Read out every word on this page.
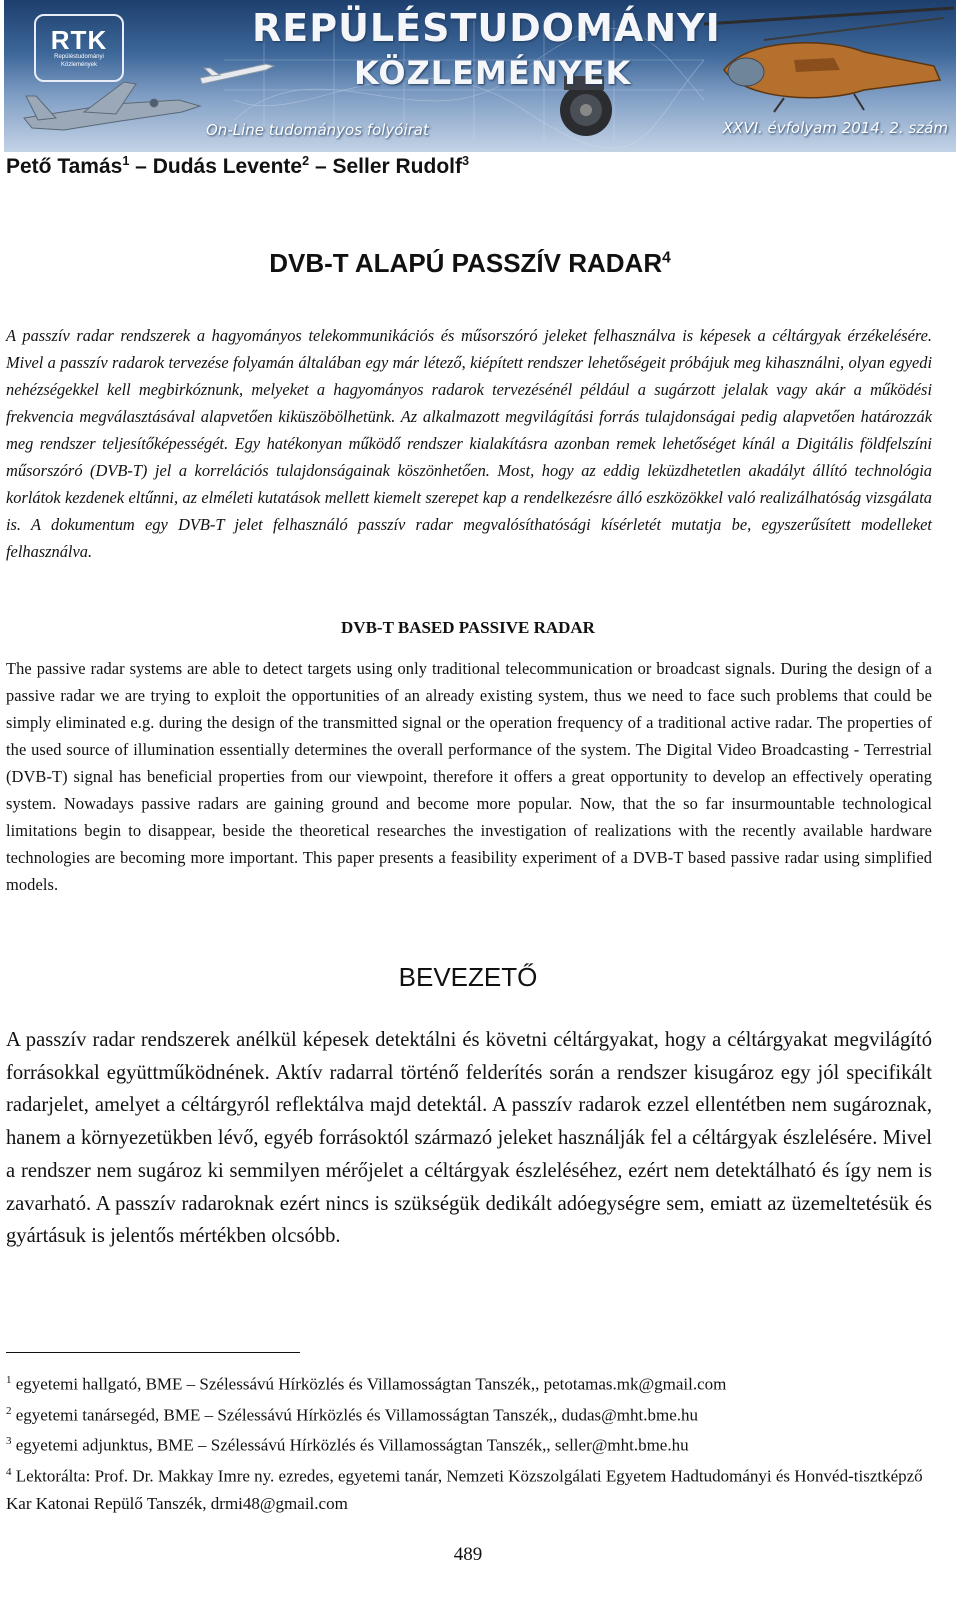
RTK
Repüléstudományi Közlemények
REPÜLÉSTUDOMÁNYI
KÖZLEMÉNYEK
On-Line tudományos folyóirat	XXVI. évfolyam 2014. 2. szám
Pető Tamás$^1$ – Dudás Levente$^2$ – Seller Rudolf$^3$
DVB-T ALAPÚ PASSZÍV RADAR$^4$

A passzív radar rendszerek a hagyományos telekommunikációs és műsorszóró jeleket felhasználva is képesek a céltárgyak érzékelésére. Mivel a passzív radarok tervezése folyamán általában egy már létező, kiépített rendszer lehetőségeit próbájuk meg kihasználni, olyan egyedi nehézségekkel kell megbirkóznunk, melyeket a hagyományos radarok tervezésénél például a sugárzott jelalak vagy akár a működési frekvencia megválasztásával alapvetően kiküszöbölhetünk. Az alkalmazott megvilágítási forrás tulajdonságai pedig alapvetően határozzák meg rendszer teljesítőképességét. Egy hatékonyan működő rendszer kialakításra azonban remek lehetőséget kínál a Digitális földfelszíni műsorszóró (DVB-T) jel a korrelációs tulajdonságainak köszönhetően. Most, hogy az eddig leküzdhetetlen akadályt állító technológia korlátok kezdenek eltűnni, az elméleti kutatások mellett kiemelt szerepet kap a rendelkezésre álló eszközökkel való realizálhatóság vizsgálata is. A dokumentum egy DVB-T jelet felhasználó passzív radar megvalósíthatósági kísérletét mutatja be, egyszerűsített modelleket felhasználva.

DVB-T BASED PASSIVE RADAR

The passive radar systems are able to detect targets using only traditional telecommunication or broadcast signals. During the design of a passive radar we are trying to exploit the opportunities of an already existing system, thus we need to face such problems that could be simply eliminated e.g. during the design of the transmitted signal or the operation frequency of a traditional active radar. The properties of the used source of illumination essentially determines the overall performance of the system. The Digital Video Broadcasting - Terrestrial (DVB-T) signal has beneficial properties from our viewpoint, therefore it offers a great opportunity to develop an effectively operating system. Nowadays passive radars are gaining ground and become more popular. Now, that the so far insurmountable technological limitations begin to disappear, beside the theoretical researches the investigation of realizations with the recently available hardware technologies are becoming more important. This paper presents a feasibility experiment of a DVB-T based passive radar using simplified models.

BEVEZETŐ

A passzív radar rendszerek anélkül képesek detektálni és követni céltárgyakat, hogy a céltárgyakat megvilágító forrásokkal együttműködnének. Aktív radarral történő felderítés során a rendszer kisugároz egy jól specifikált radarjelet, amelyet a céltárgyról reflektálva majd detektál. A passzív radarok ezzel ellentétben nem sugároznak, hanem a környezetükben lévő, egyéb forrásoktól származó jeleket használják fel a céltárgyak észlelésére. Mivel a rendszer nem sugároz ki semmilyen mérőjelet a céltárgyak észleléséhez, ezért nem detektálható és így nem is zavarható. A passzív radaroknak ezért nincs is szükségük dedikált adóegységre sem, emiatt az üzemeltetésük és gyártásuk is jelentős mértékben olcsóbb.

$^1$ egyetemi hallgató, BME – Szélessávú Hírközlés és Villamosságtan Tanszék,, petotamas.mk@gmail.com
$^2$ egyetemi tanársegéd, BME – Szélessávú Hírközlés és Villamosságtan Tanszék,, dudas@mht.bme.hu
$^3$ egyetemi adjunktus, BME – Szélessávú Hírközlés és Villamosságtan Tanszék,, seller@mht.bme.hu
$^4$ Lektorálta: Prof. Dr. Makkay Imre ny. ezredes, egyetemi tanár, Nemzeti Közszolgálati Egyetem Hadtudományi és Honvéd-tisztképző Kar Katonai Repülő Tanszék, drmi48@gmail.com
489
